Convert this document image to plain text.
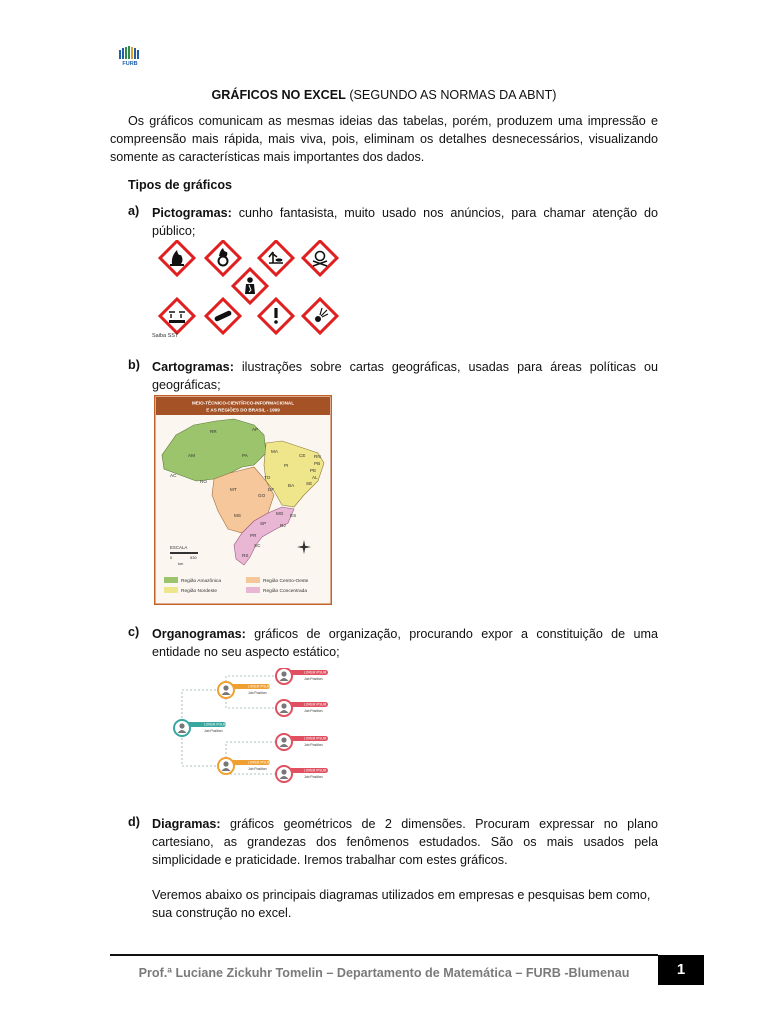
FURB
GRÁFICOS NO EXCEL (SEGUNDO AS NORMAS DA ABNT)
Os gráficos comunicam as mesmas ideias das tabelas, porém, produzem uma impressão e compreensão mais rápida, mais viva, pois, eliminam os detalhes desnecessários, visualizando somente as características mais importantes dos dados.
Tipos de gráficos
a) Pictogramas: cunho fantasista, muito usado nos anúncios, para chamar atenção do público;
Saiba SST
b) Cartogramas: ilustrações sobre cartas geográficas, usadas para áreas políticas ou geográficas;
MEIO-TÉCNICO-CIENTÍFICO-INFORMACIONAL
E AS REGIÕES DO BRASIL - 1999
RR	AP
AM	PA
MA
CE RN
PB
PE
AL
SE
BA
PI
TO
AC
RO
MT
GO
DF
MG ES
RJ
SP
PR
SC
RS
MS
ESCALA
0	530
km
Região Amazônica
Região Nordeste
Região Centro-Oeste
Região Concentrada
c) Organogramas: gráficos de organização, procurando expor a constituição de uma entidade no seu aspecto estático;
LOREM IPSUM
Job Position
LOREM IPSUM
Job Position
LOREM IPSUM
Job Position
LOREM IPSUM
Job Position
LOREM IPSUM
Job Position
LOREM IPSUM
Job Position
LOREM IPSUM
Job Position
d) Diagramas: gráficos geométricos de 2 dimensões. Procuram expressar no plano cartesiano, as grandezas dos fenômenos estudados. São os mais usados pela simplicidade e praticidade. Iremos trabalhar com estes gráficos.
Veremos abaixo os principais diagramas utilizados em empresas e pesquisas bem como, sua construção no excel.
Prof.ª Luciane Zickuhr Tomelin – Departamento de Matemática – FURB -Blumenau	1
